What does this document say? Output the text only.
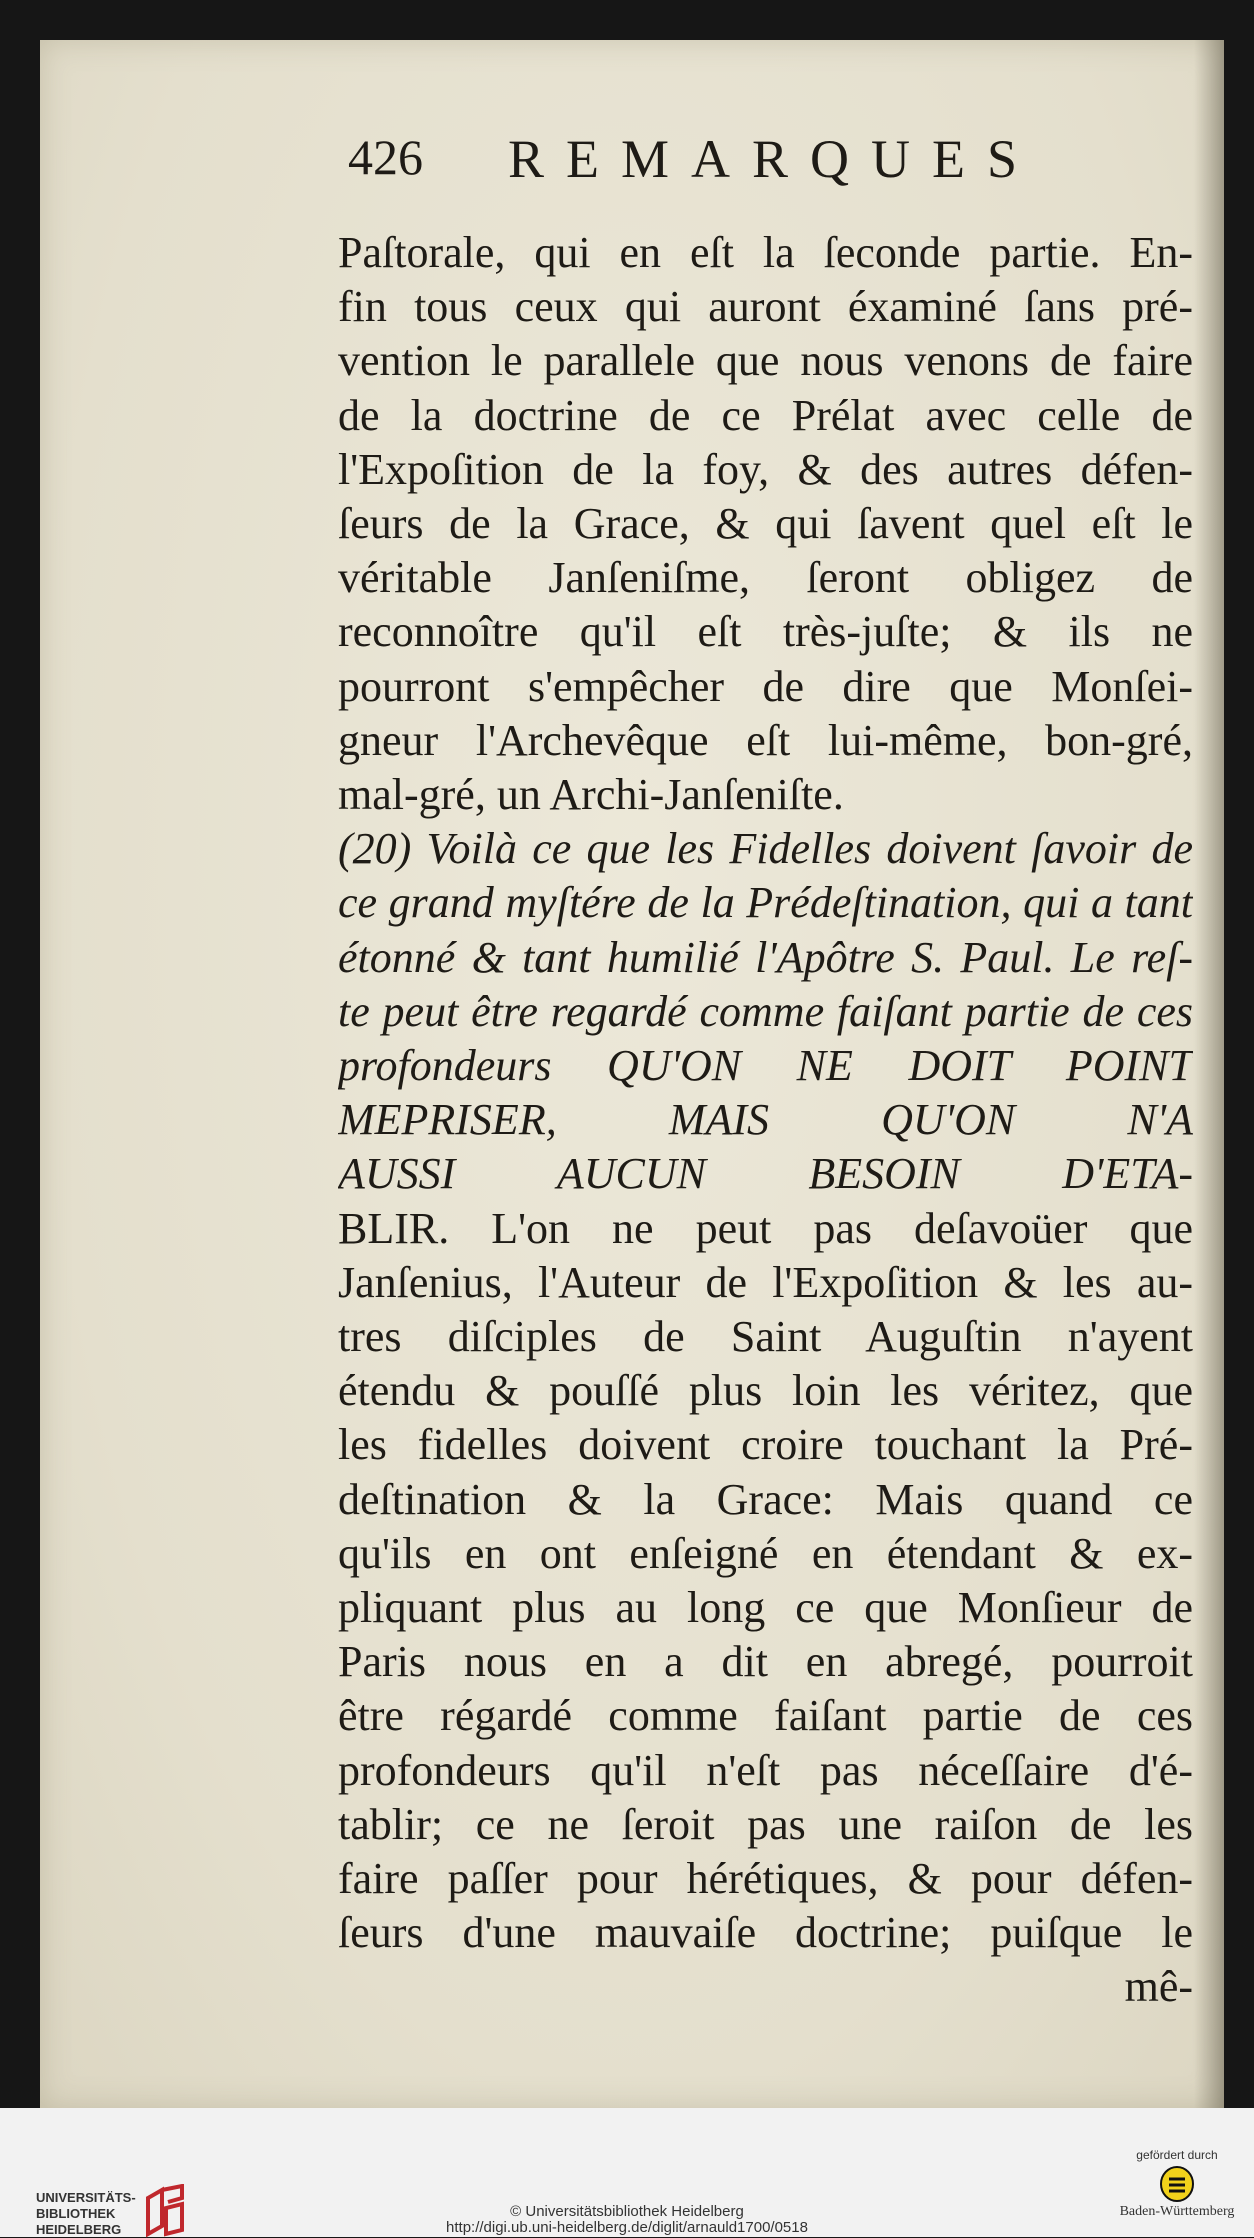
426 REMARQUES
Paſtorale, qui en eſt la ſeconde partie. En-
fin tous ceux qui auront éxaminé ſans pré-
vention le parallele que nous venons de faire
de la doctrine de ce Prélat avec celle de
l'Expoſition de la foy, & des autres défen-
ſeurs de la Grace, & qui ſavent quel eſt le
véritable Janſeniſme, ſeront obligez de
reconnoître qu'il eſt très-juſte; & ils ne
pourront s'empêcher de dire que Monſei-
gneur l'Archevêque eſt lui-même, bon-gré,
mal-gré, un Archi-Janſeniſte.
(20) Voilà ce que les Fidelles doivent ſavoir de
ce grand myſtére de la Prédeſtination, qui a tant
étonné & tant humilié l'Apôtre S. Paul. Le reſ-
te peut être regardé comme faiſant partie de ces
profondeurs QU'ON NE DOIT POINT
MEPRISER, MAIS QU'ON N'A
AUSSI AUCUN BESOIN D'ETA-
BLIR. L'on ne peut pas deſavoüer que
Janſenius, l'Auteur de l'Expoſition & les au-
tres diſciples de Saint Auguſtin n'ayent
étendu & pouſſé plus loin les véritez, que
les fidelles doivent croire touchant la Pré-
deſtination & la Grace: Mais quand ce
qu'ils en ont enſeigné en étendant & ex-
pliquant plus au long ce que Monſieur de
Paris nous en a dit en abregé, pourroit
être régardé comme faiſant partie de ces
profondeurs qu'il n'eſt pas néceſſaire d'é-
tablir; ce ne ſeroit pas une raiſon de les
faire paſſer pour hérétiques, & pour défen-
ſeurs d'une mauvaiſe doctrine; puiſque le
mê-
UNIVERSITÄTS-
BIBLIOTHEK
HEIDELBERG
© Universitätsbibliothek Heidelberg
http://digi.ub.uni-heidelberg.de/diglit/arnauld1700/0518
gefördert durch
Baden-Württemberg
